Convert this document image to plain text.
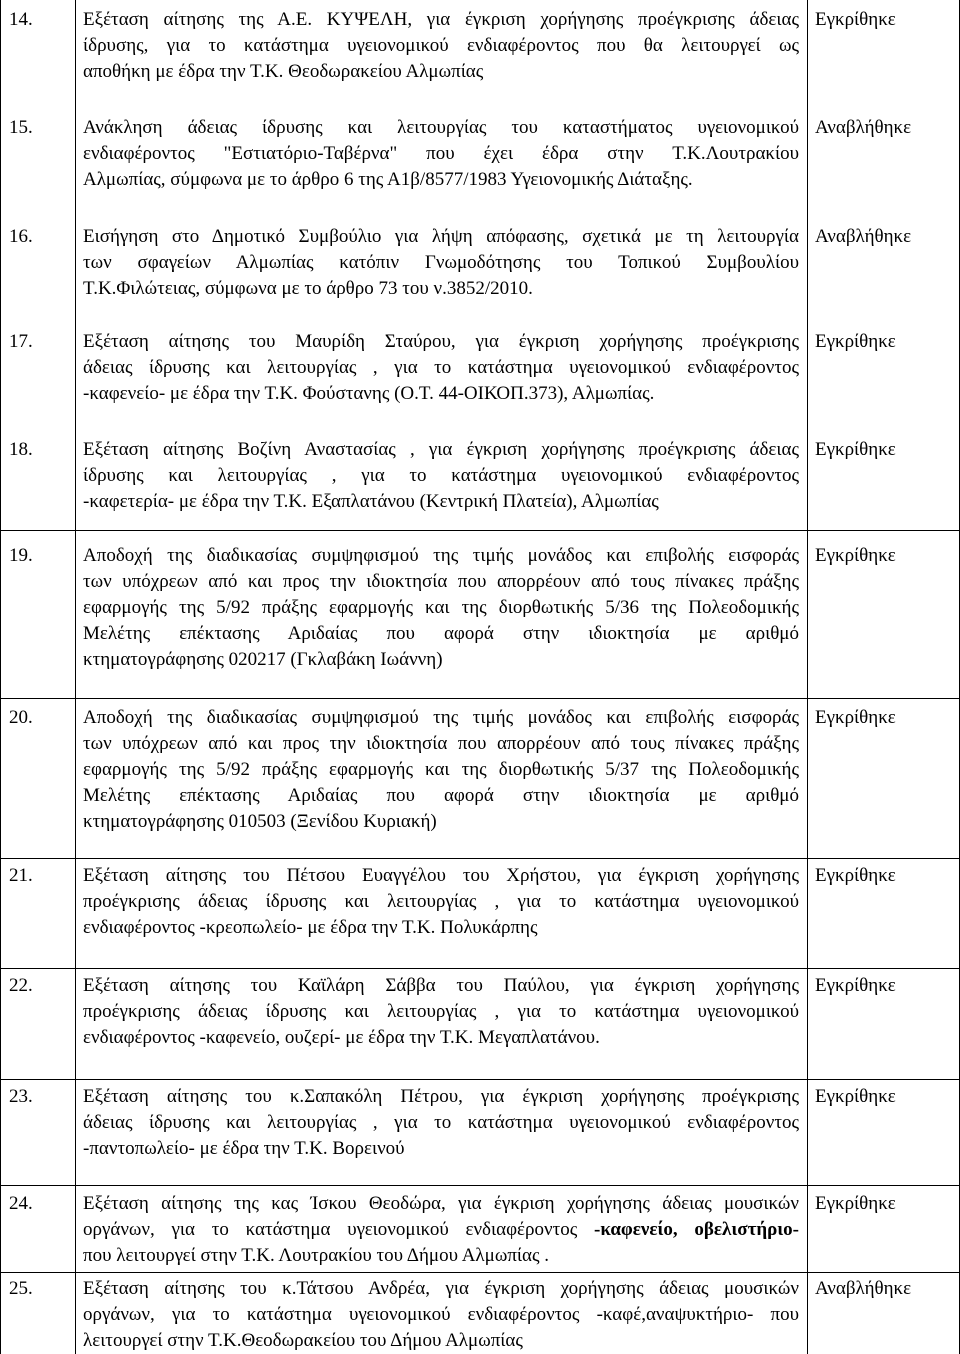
14.	Εξέταση αίτησης της Α.Ε. ΚΥΨΕΛΗ, για έγκριση χορήγησης προέγκρισης άδειας
ίδρυσης, για το κατάστημα υγειονομικού ενδιαφέροντος που θα λειτουργεί ως
αποθήκη με έδρα την Τ.Κ. Θεοδωρακείου Αλμωπίας
Εγκρίθηκε
15.	Ανάκληση άδειας ίδρυσης και λειτουργίας του καταστήματος υγειονομικού
ενδιαφέροντος "Εστιατόριο-Ταβέρνα" που έχει έδρα στην Τ.Κ.Λουτρακίου
Αλμωπίας, σύμφωνα με το άρθρο 6 της Α1β/8577/1983 Υγειονομικής Διάταξης.
Αναβλήθηκε
16.	Εισήγηση στο Δημοτικό Συμβούλιο για λήψη απόφασης, σχετικά με τη λειτουργία
των σφαγείων Αλμωπίας κατόπιν Γνωμοδότησης του Τοπικού Συμβουλίου
Τ.Κ.Φιλώτειας, σύμφωνα με το άρθρο 73 του ν.3852/2010.
Αναβλήθηκε
17.	Εξέταση αίτησης του Μαυρίδη Σταύρου, για έγκριση χορήγησης προέγκρισης
άδειας ίδρυσης και λειτουργίας , για το κατάστημα υγειονομικού ενδιαφέροντος
-καφενείο- με έδρα την Τ.Κ. Φούστανης (Ο.Τ. 44-ΟΙΚΟΠ.373), Αλμωπίας.
Εγκρίθηκε
18.	Εξέταση αίτησης Βοζίνη Αναστασίας , για έγκριση χορήγησης προέγκρισης άδειας
ίδρυσης και λειτουργίας , για το κατάστημα υγειονομικού ενδιαφέροντος
-καφετερία- με έδρα την Τ.Κ. Εξαπλατάνου (Κεντρική Πλατεία), Αλμωπίας
Εγκρίθηκε
19.	Αποδοχή της διαδικασίας συμψηφισμού της τιμής μονάδος και επιβολής εισφοράς
των υπόχρεων από και προς την ιδιοκτησία που απορρέουν από τους πίνακες πράξης
εφαρμογής της 5/92 πράξης εφαρμογής και της διορθωτικής 5/36 της Πολεοδομικής
Μελέτης επέκτασης Αριδαίας που αφορά στην ιδιοκτησία με αριθμό
κτηματογράφησης 020217 (Γκλαβάκη Ιωάννη)
Εγκρίθηκε
20.	Αποδοχή της διαδικασίας συμψηφισμού της τιμής μονάδος και επιβολής εισφοράς
των υπόχρεων από και προς την ιδιοκτησία που απορρέουν από τους πίνακες πράξης
εφαρμογής της 5/92 πράξης εφαρμογής και της διορθωτικής 5/37 της Πολεοδομικής
Μελέτης επέκτασης Αριδαίας που αφορά στην ιδιοκτησία με αριθμό
κτηματογράφησης 010503 (Ξενίδου Κυριακή)
Εγκρίθηκε
21.	Εξέταση αίτησης του Πέτσου Ευαγγέλου του Χρήστου, για έγκριση χορήγησης
προέγκρισης άδειας ίδρυσης και λειτουργίας , για το κατάστημα υγειονομικού
ενδιαφέροντος -κρεοπωλείο- με έδρα την Τ.Κ. Πολυκάρπης
Εγκρίθηκε
22.	Εξέταση αίτησης του Καϊλάρη Σάββα του Παύλου, για έγκριση χορήγησης
προέγκρισης άδειας ίδρυσης και λειτουργίας , για το κατάστημα υγειονομικού
ενδιαφέροντος -καφενείο, ουζερί- με έδρα την Τ.Κ. Μεγαπλατάνου.
Εγκρίθηκε
23.	Εξέταση αίτησης του κ.Σαπακόλη Πέτρου, για έγκριση χορήγησης προέγκρισης
άδειας ίδρυσης και λειτουργίας , για το κατάστημα υγειονομικού ενδιαφέροντος
-παντοπωλείο- με έδρα την Τ.Κ. Βορεινού
Εγκρίθηκε
24.	Εξέταση αίτησης της κας Ίσκου Θεοδώρα, για έγκριση χορήγησης άδειας μουσικών
οργάνων, για το κατάστημα υγειονομικού ενδιαφέροντος -καφενείο, οβελιστήριο-
που λειτουργεί στην Τ.Κ. Λουτρακίου του Δήμου Αλμωπίας .
Εγκρίθηκε
25.	Εξέταση αίτησης του κ.Τάτσου Ανδρέα, για έγκριση χορήγησης άδειας μουσικών
οργάνων, για το κατάστημα υγειονομικού ενδιαφέροντος -καφέ,αναψυκτήριο- που
λειτουργεί στην Τ.Κ.Θεοδωρακείου του Δήμου Αλμωπίας
Αναβλήθηκε
